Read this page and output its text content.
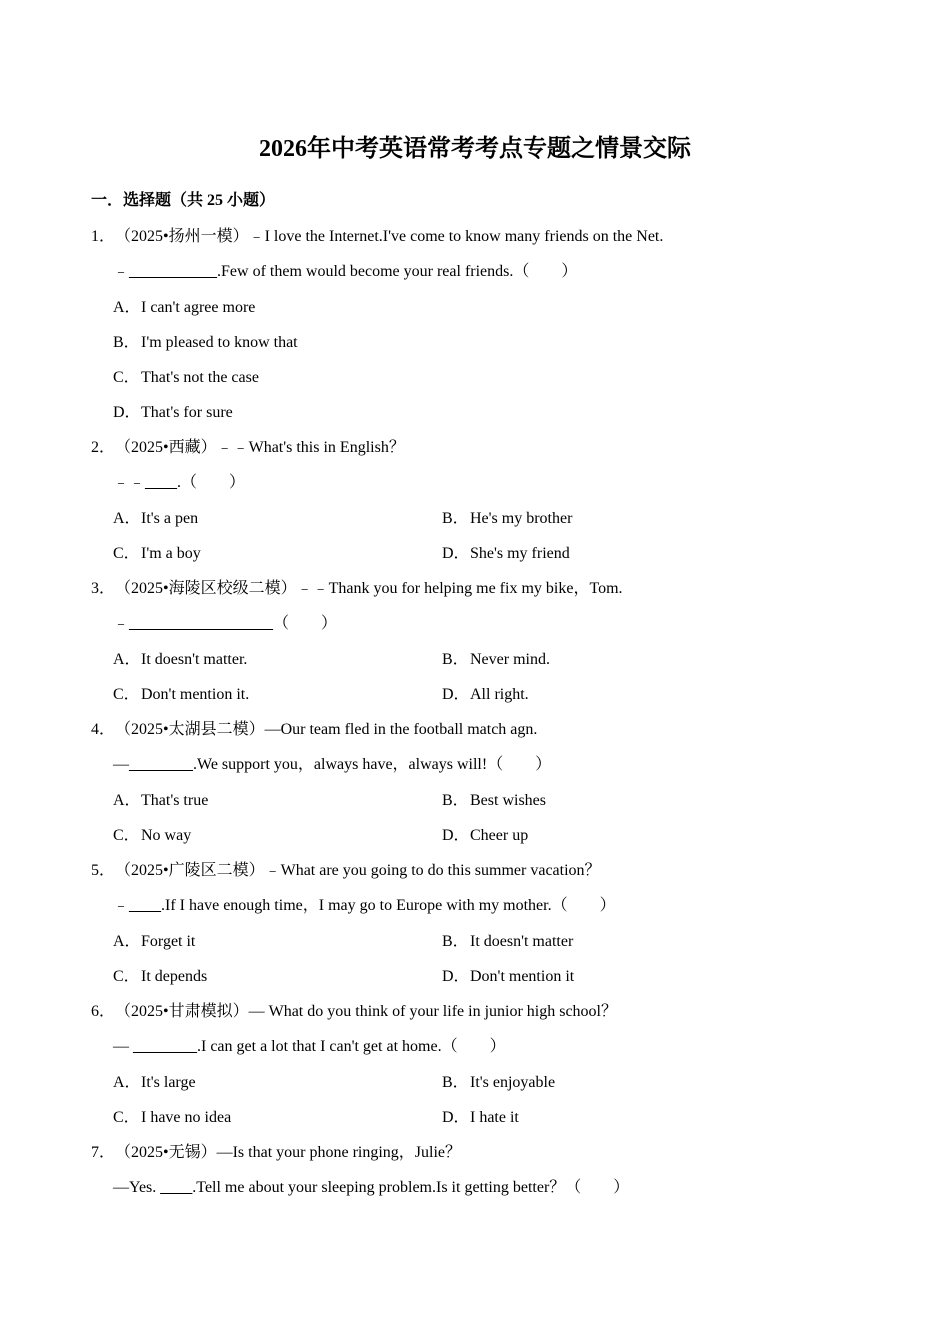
2026年中考英语常考考点专题之情景交际
一．选择题（共 25 小题）
1．（2025•扬州一模）﹣I love the Internet.I've come to know many friends on the Net.
﹣___________.Few of them would become your real friends.（　　）
A．I can't agree more
B．I'm pleased to know that
C．That's not the case
D．That's for sure
2．（2025•西藏）﹣﹣What's this in English？
﹣﹣____.（　　）
A．It's a pen	B．He's my brother
C．I'm a boy	D．She's my friend
3．（2025•海陵区校级二模）﹣﹣Thank you for helping me fix my bike，Tom.
﹣__________________（　　）
A．It doesn't matter.	B．Never mind.
C．Don't mention it.	D．All right.
4．（2025•太湖县二模）—Our team fled in the football match agn.
—________.We support you，always have，always will!（　　）
A．That's true	B．Best wishes
C．No way	D．Cheer up
5．（2025•广陵区二模）﹣What are you going to do this summer vacation？
﹣____.If I have enough time，I may go to Europe with my mother.（　　）
A．Forget it	B．It doesn't matter
C．It depends	D．Don't mention it
6．（2025•甘肃模拟）— What do you think of your life in junior high school？
— ________.I can get a lot that I can't get at home.（　　）
A．It's large	B．It's enjoyable
C．I have no idea	D．I hate it
7．（2025•无锡）—Is that your phone ringing，Julie？
—Yes. ____.Tell me about your sleeping problem.Is it getting better？（　　）
